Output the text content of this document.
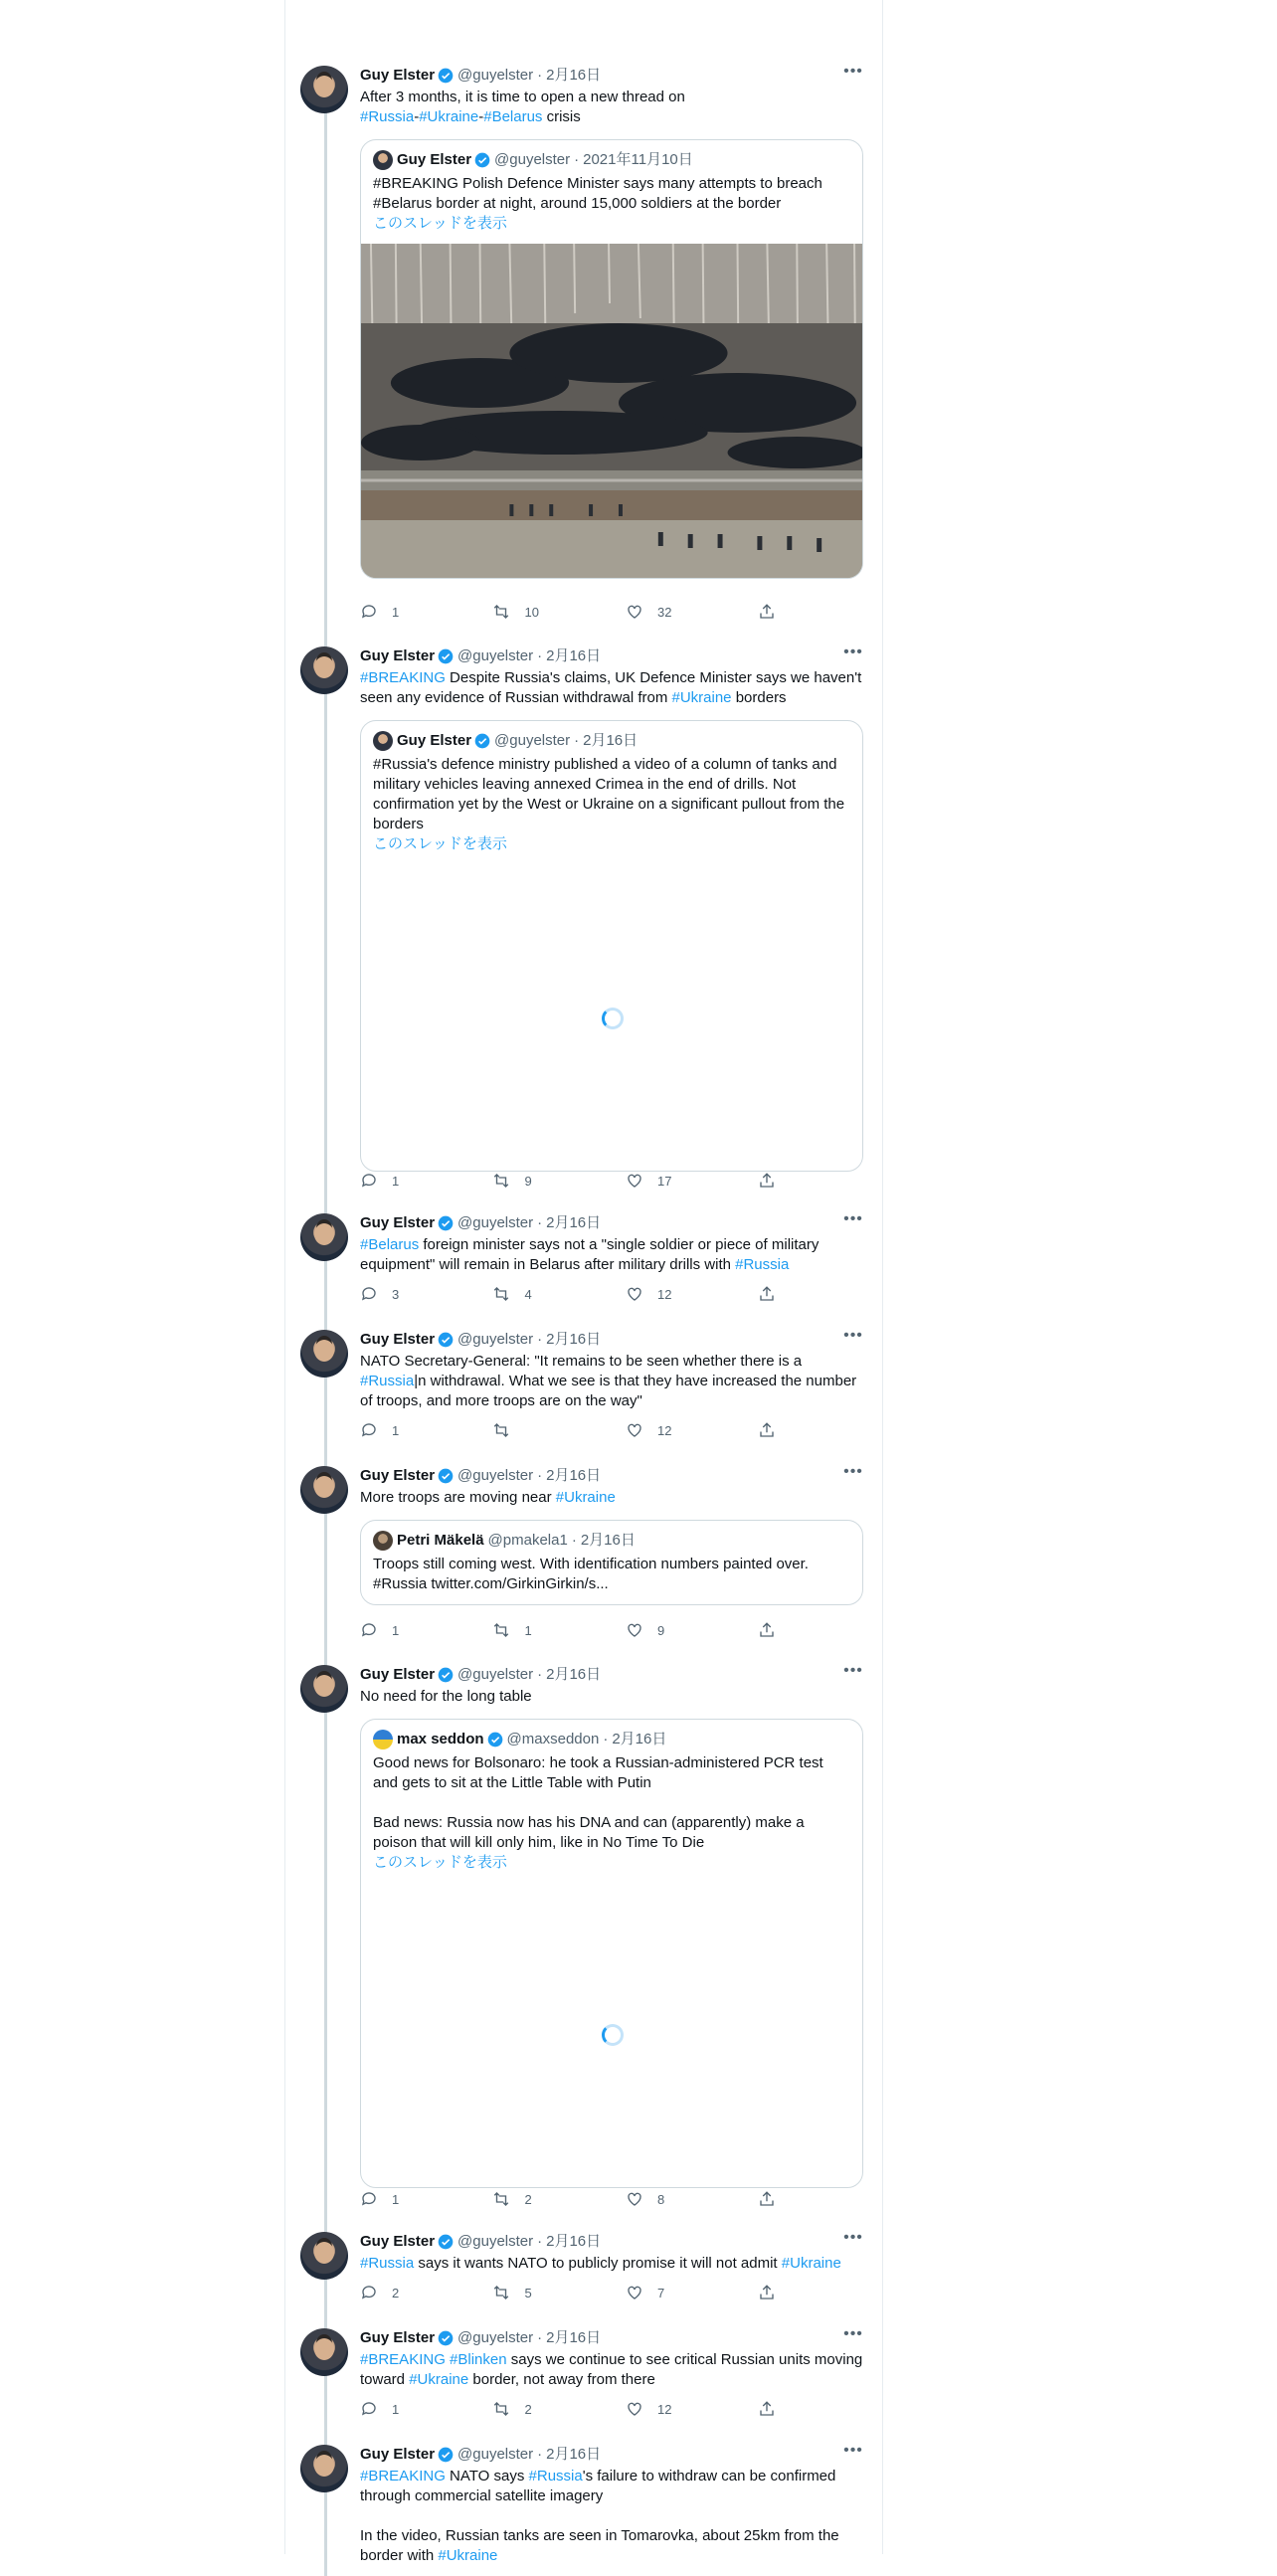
Guy Elster @guyelster · 2月16日	•••
After 3 months, it is time to open a new thread on
#Russia-#Ukraine-#Belarus crisis
Guy Elster @guyelster · 2021年11月10日
#BREAKING Polish Defence Minister says many attempts to breach #Belarus border at night, around 15,000 soldiers at the border
このスレッドを表示
1	10	32
Guy Elster @guyelster · 2月16日	•••
#BREAKING Despite Russia's claims, UK Defence Minister says we haven't seen any evidence of Russian withdrawal from #Ukraine borders
Guy Elster @guyelster · 2月16日
#Russia's defence ministry published a video of a column of tanks and military vehicles leaving annexed Crimea in the end of drills. Not confirmation yet by the West or Ukraine on a significant pullout from the borders
このスレッドを表示
1	9	17
Guy Elster @guyelster · 2月16日	•••
#Belarus foreign minister says not a "single soldier or piece of military equipment" will remain in Belarus after military drills with #Russia
3	4	12
Guy Elster @guyelster · 2月16日	•••
NATO Secretary-General: "It remains to be seen whether there is a
#Russia|n withdrawal. What we see is that they have increased the number of troops, and more troops are on the way"
1	12
Guy Elster @guyelster · 2月16日	•••
More troops are moving near #Ukraine
Petri Mäkelä @pmakela1 · 2月16日
Troops still coming west. With identification numbers painted over.
#Russia twitter.com/GirkinGirkin/s...
1	1	9
Guy Elster @guyelster · 2月16日	•••
No need for the long table
max seddon @maxseddon · 2月16日
Good news for Bolsonaro: he took a Russian-administered PCR test and gets to sit at the Little Table with Putin

Bad news: Russia now has his DNA and can (apparently) make a poison that will kill only him, like in No Time To Die
このスレッドを表示
1	2	8
Guy Elster @guyelster · 2月16日	•••
#Russia says it wants NATO to publicly promise it will not admit #Ukraine
2	5	7
Guy Elster @guyelster · 2月16日	•••
#BREAKING #Blinken says we continue to see critical Russian units moving toward #Ukraine border, not away from there
1	2	12
Guy Elster @guyelster · 2月16日	•••
#BREAKING NATO says #Russia's failure to withdraw can be confirmed through commercial satellite imagery

In the video, Russian tanks are seen in Tomarovka, about 25km from the border with #Ukraine
